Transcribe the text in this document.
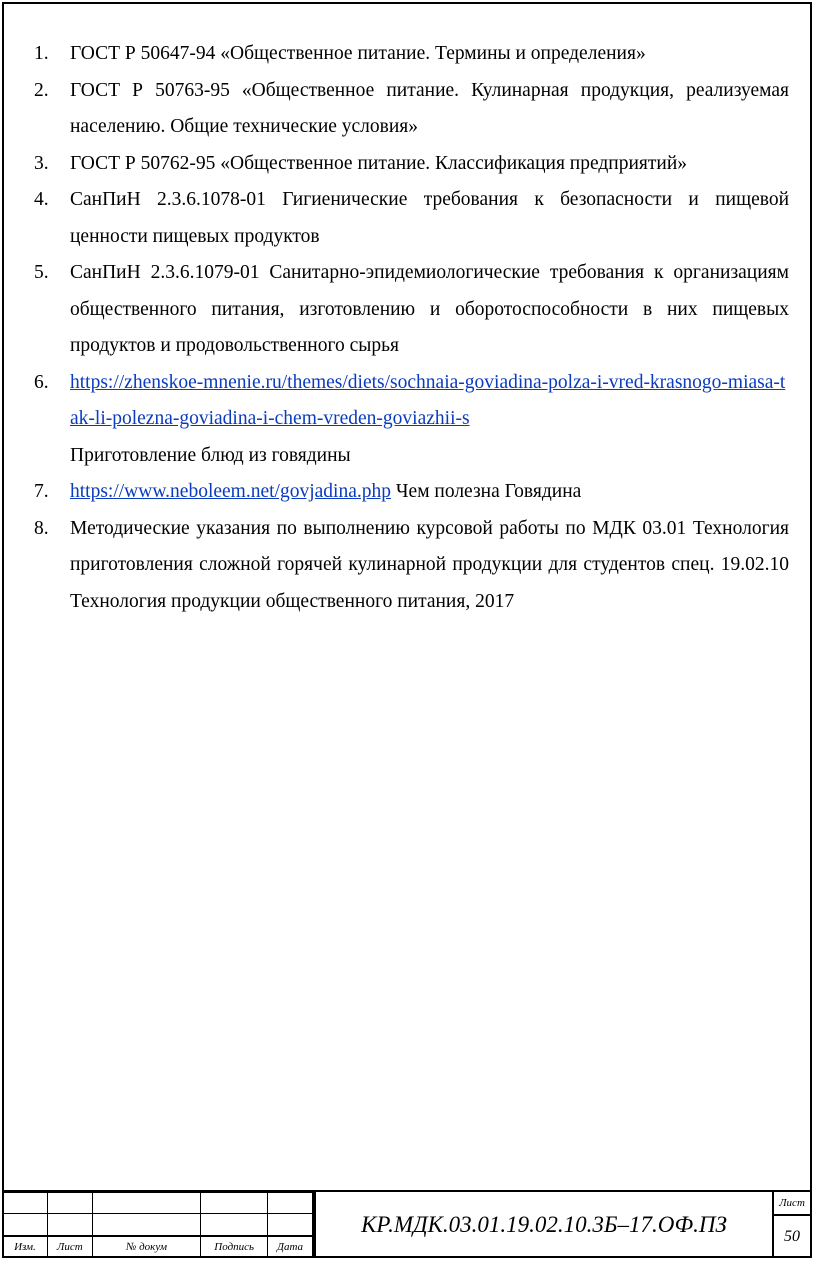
1.	ГОСТ Р 50647-94 «Общественное питание. Термины и определения»
2.	ГОСТ Р 50763-95 «Общественное питание. Кулинарная продукция, реализуемая населению. Общие технические условия»
3.	ГОСТ Р 50762-95 «Общественное питание. Классификация предприятий»
4.	СанПиН 2.3.6.1078-01 Гигиенические требования к безопасности и пищевой ценности пищевых продуктов
5.	СанПиН 2.3.6.1079-01 Санитарно-эпидемиологические требования к организациям общественного питания, изготовлению и оборотоспособности в них пищевых продуктов и продовольственного сырья
6.	https://zhenskoe-mnenie.ru/themes/diets/sochnaia-goviadina-polza-i-vred-krasnogo-miasa-tak-li-polezna-goviadina-i-chem-vreden-goviazhii-s
Приготовление блюд из говядины
7.	https://www.neboleem.net/govjadina.php Чем полезна Говядина
8.	Методические указания по выполнению курсовой работы по МДК 03.01 Технология приготовления сложной горячей кулинарной продукции для студентов спец. 19.02.10 Технология продукции общественного питания, 2017

Изм.	Лист	№ докум	Подпись	Дата
КР.МДК.03.01.19.02.10.3Б–17.ОФ.ПЗ
Лист
50
